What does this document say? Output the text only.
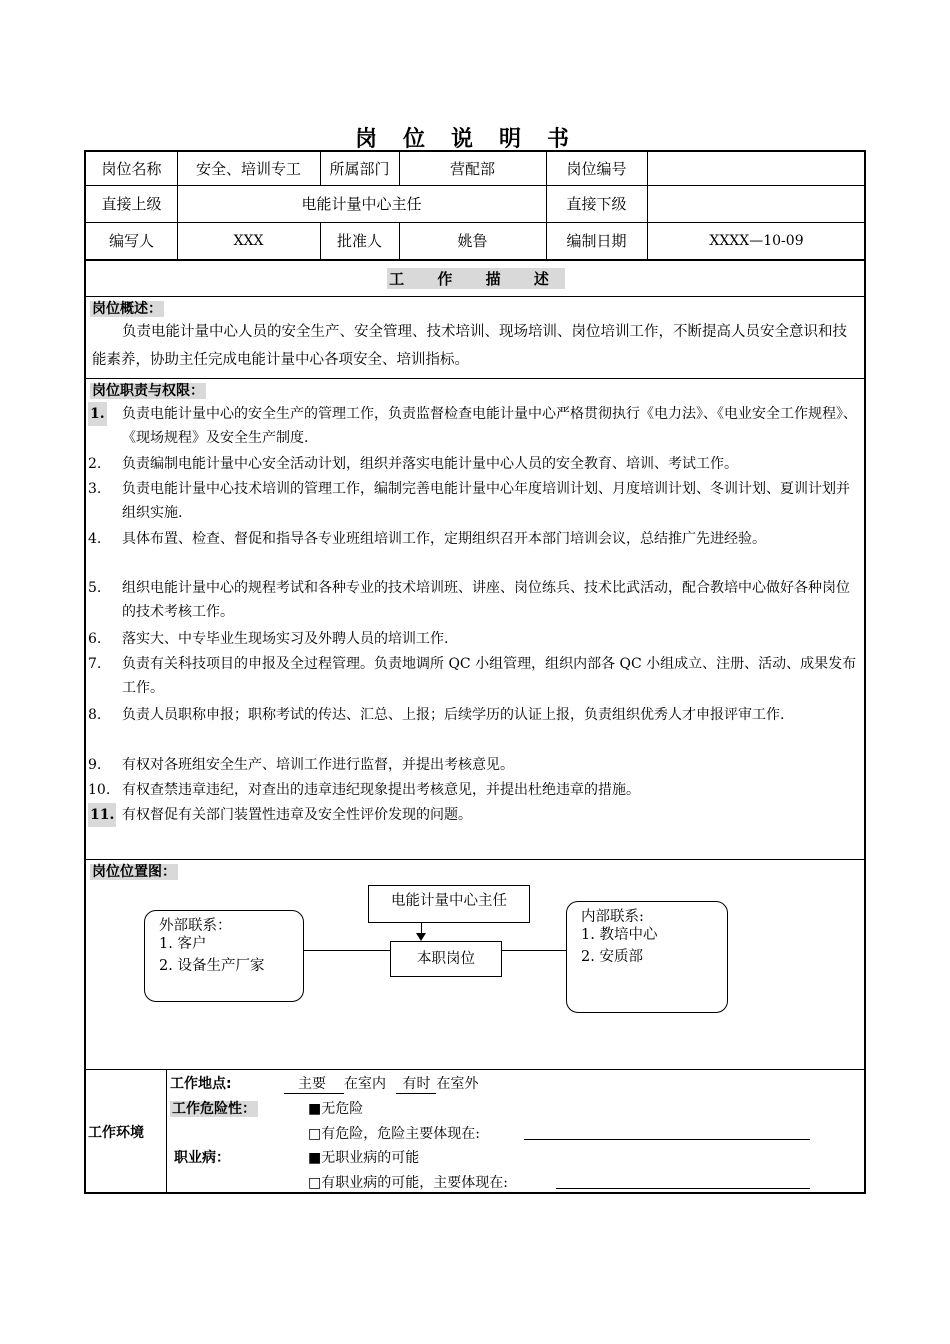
岗位说明书
岗位名称	安全、培训专工	所属部门	营配部	岗位编号
直接上级	电能计量中心主任	直接下级
编写人	XXX	批准人	姚鲁	编制日期	XXXX—10-09
工 作 描 述
岗位概述：
负责电能计量中心人员的安全生产、安全管理、技术培训、现场培训、岗位培训工作，不断提高人员安全意识和技能素养，协助主任完成电能计量中心各项安全、培训指标。
岗位职责与权限：
1. 负责电能计量中心的安全生产的管理工作，负责监督检查电能计量中心严格贯彻执行《电力法》、《电业安全工作规程》、《现场规程》及安全生产制度.
2. 负责编制电能计量中心安全活动计划，组织并落实电能计量中心人员的安全教育、培训、考试工作。
3. 负责电能计量中心技术培训的管理工作，编制完善电能计量中心年度培训计划、月度培训计划、冬训计划、夏训计划并组织实施.
4. 具体布置、检查、督促和指导各专业班组培训工作，定期组织召开本部门培训会议，总结推广先进经验。
5. 组织电能计量中心的规程考试和各种专业的技术培训班、讲座、岗位练兵、技术比武活动，配合教培中心做好各种岗位的技术考核工作。
6. 落实大、中专毕业生现场实习及外聘人员的培训工作.
7. 负责有关科技项目的申报及全过程管理。负责地调所 QC 小组管理，组织内部各 QC 小组成立、注册、活动、成果发布工作。
8. 负责人员职称申报；职称考试的传达、汇总、上报；后续学历的认证上报，负责组织优秀人才申报评审工作.
9. 有权对各班组安全生产、培训工作进行监督，并提出考核意见。
10. 有权查禁违章违纪，对查出的违章违纪现象提出考核意见，并提出杜绝违章的措施。
11. 有权督促有关部门装置性违章及安全性评价发现的问题。
岗位位置图：
电能计量中心主任
本职岗位
外部联系：
1. 客户
2. 设备生产厂家
内部联系:
1. 教培中心
2. 安质部
工作环境
工作地点:	主要 在室内 有时 在室外
工作危险性：	■无危险
□有危险，危险主要体现在:
职业病：	■无职业病的可能
□有职业病的可能，主要体现在:
